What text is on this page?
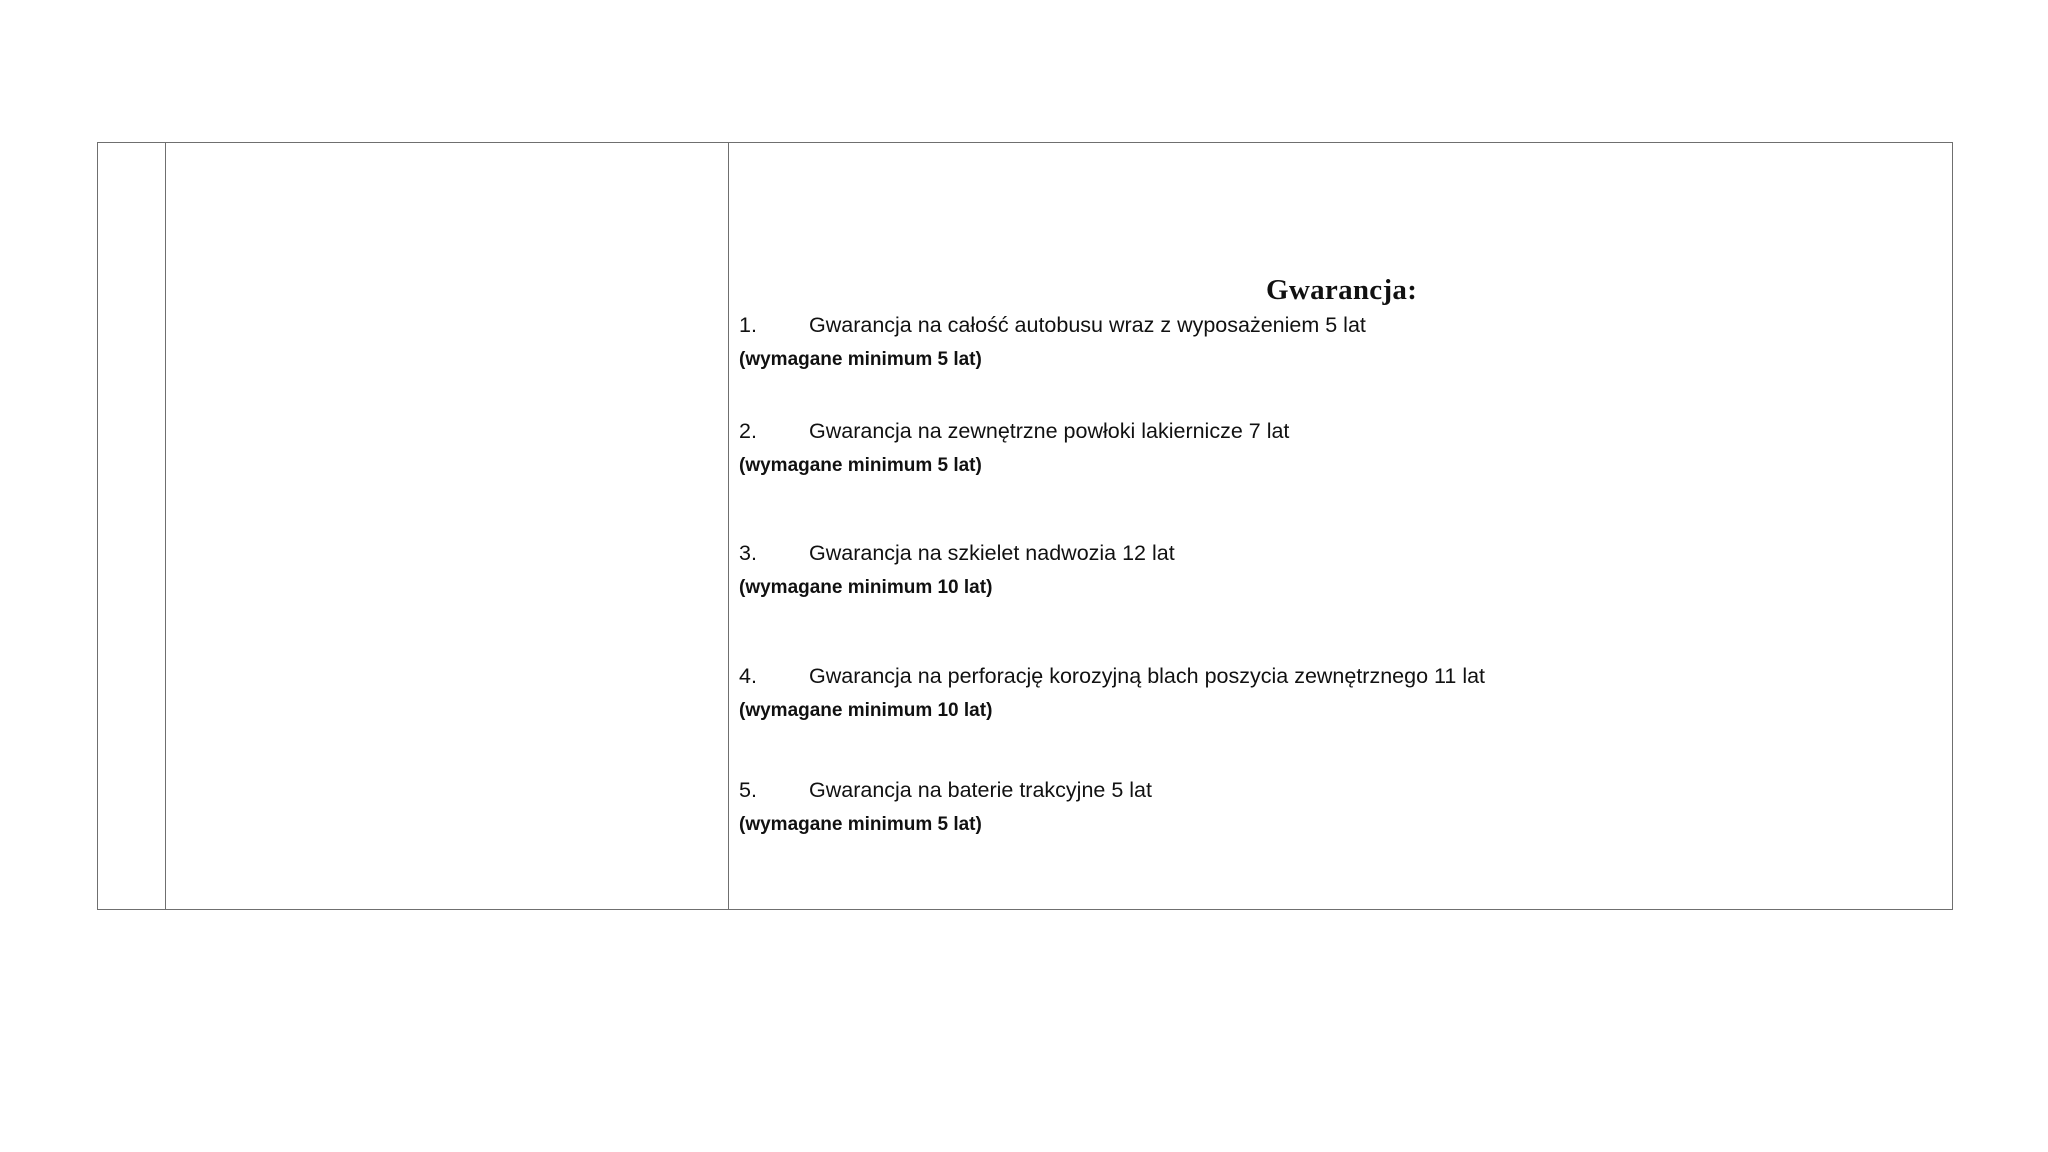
Gwarancja:
1. Gwarancja na całość autobusu wraz z wyposażeniem 5 lat
(wymagane minimum 5 lat)
2. Gwarancja na zewnętrzne powłoki lakiernicze 7 lat
(wymagane minimum 5 lat)
3. Gwarancja na szkielet nadwozia 12 lat
(wymagane minimum 10 lat)
4. Gwarancja na perforację korozyjną blach poszycia zewnętrznego 11 lat
(wymagane minimum 10 lat)
5. Gwarancja na baterie trakcyjne 5 lat
(wymagane minimum 5 lat)
